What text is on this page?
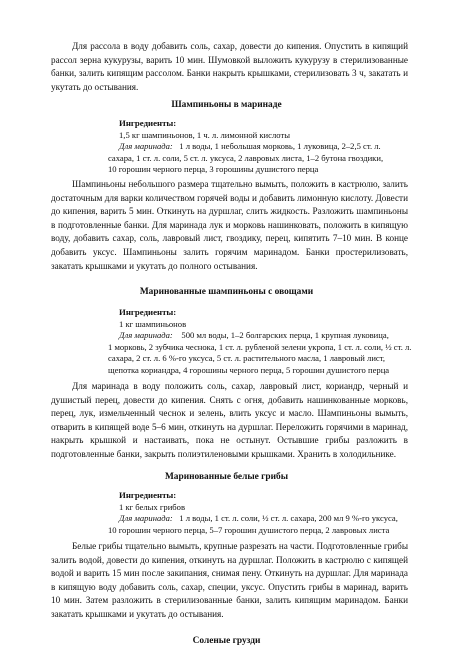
Для рассола в воду добавить соль, сахар, довести до кипения. Опустить в кипящий рассол зерна кукурузы, варить 10 мин. Шумовкой выложить кукурузу в стерилизованные банки, залить кипящим рассолом. Банки накрыть крышками, стерилизовать 3 ч, закатать и укутать до остывания.

Шампиньоны в маринаде

Ингредиенты:

1,5 кг шампиньонов, 1 ч. л. лимонной кислоты

Для маринада: 1 л воды, 1 небольшая морковь, 1 луковица, 2–2,5 ст. л.

сахара, 1 ст. л. соли, 5 ст. л. уксуса, 2 лавровых листа, 1–2 бутона гвоздики,

10 горошин черного перца, 3 горошины душистого перца

Шампиньоны небольшого размера тщательно вымыть, положить в кастрюлю, залить достаточным для варки количеством горячей воды и добавить лимонную кислоту. Довести до кипения, варить 5 мин. Откинуть на дуршлаг, слить жидкость. Разложить шампиньоны в подготовленные банки. Для маринада лук и морковь нашинковать, положить в кипящую воду, добавить сахар, соль, лавровый лист, гвоздику, перец, кипятить 7–10 мин. В конце добавить уксус. Шампиньоны залить горячим маринадом. Банки простерилизовать, закатать крышками и укутать до полного остывания.

Маринованные шампиньоны с овощами

Ингредиенты:

1 кг шампиньонов

Для маринада: 500 мл воды, 1–2 болгарских перца, 1 крупная луковица,

1 морковь, 2 зубчика чеснока, 1 ст. л. рубленой зелени укропа, 1 ст. л. соли, ½ ст. л.

сахара, 2 ст. л. 6 %-го уксуса, 5 ст. л. растительного масла, 1 лавровый лист,

щепотка кориандра, 4 горошины черного перца, 5 горошин душистого перца

Для маринада в воду положить соль, сахар, лавровый лист, кориандр, черный и душистый перец, довести до кипения. Снять с огня, добавить нашинкованные морковь, перец, лук, измельченный чеснок и зелень, влить уксус и масло. Шампиньоны вымыть, отварить в кипящей воде 5–6 мин, откинуть на дуршлаг. Переложить горячими в маринад, накрыть крышкой и настаивать, пока не остынут. Остывшие грибы разложить в подготовленные банки, закрыть полиэтиленовыми крышками. Хранить в холодильнике.

Маринованные белые грибы

Ингредиенты:

1 кг белых грибов

Для маринада: 1 л воды, 1 ст. л. соли, ½ ст. л. сахара, 200 мл 9 %-го уксуса,

10 горошин черного перца, 5–7 горошин душистого перца, 2 лавровых листа

Белые грибы тщательно вымыть, крупные разрезать на части. Подготовленные грибы залить водой, довести до кипения, откинуть на дуршлаг. Положить в кастрюлю с кипящей водой и варить 15 мин после закипания, снимая пену. Откинуть на дуршлаг. Для маринада в кипящую воду добавить соль, сахар, специи, уксус. Опустить грибы в маринад, варить 10 мин. Затем разложить в стерилизованные банки, залить кипящим маринадом. Банки закатать крышками и укутать до остывания.

Соленые грузди
